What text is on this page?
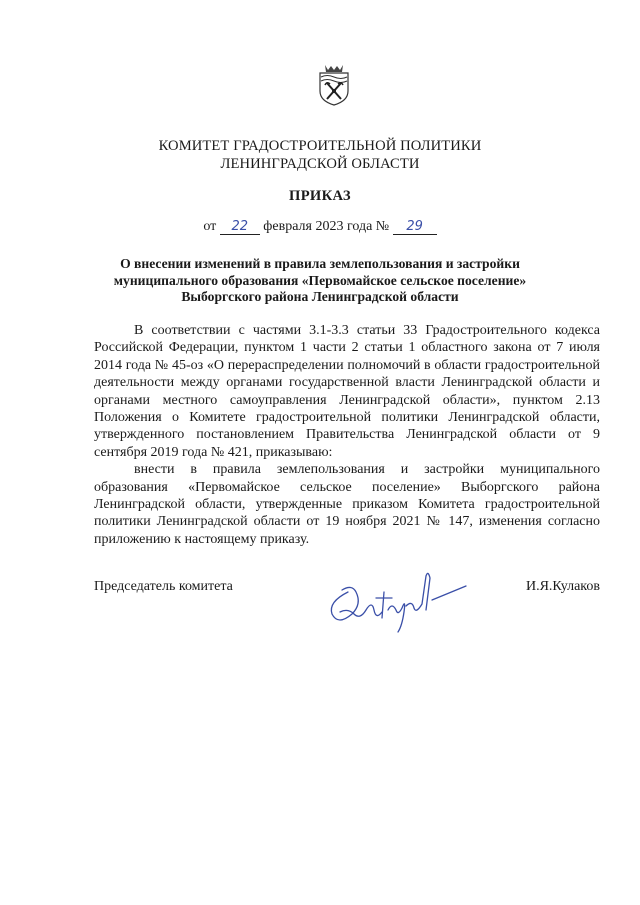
КОМИТЕТ ГРАДОСТРОИТЕЛЬНОЙ ПОЛИТИКИ
ЛЕНИНГРАДСКОЙ ОБЛАСТИ
ПРИКАЗ
от 22 февраля 2023 года № 29
О внесении изменений в правила землепользования и застройки
муниципального образования «Первомайское сельское поселение»
Выборгского района Ленинградской области

В соответствии с частями 3.1-3.3 статьи 33 Градостроительного кодекса Российской Федерации, пунктом 1 части 2 статьи 1 областного закона от 7 июля 2014 года № 45-оз «О перераспределении полномочий в области градостроительной деятельности между органами государственной власти Ленинградской области и органами местного самоуправления Ленинградской области», пунктом 2.13 Положения о Комитете градостроительной политики Ленинградской области, утвержденного постановлением Правительства Ленинградской области от 9 сентября 2019 года № 421, приказываю:

внести в правила землепользования и застройки муниципального образования «Первомайское сельское поселение» Выборгского района Ленинградской области, утвержденные приказом Комитета градостроительной политики Ленинградской области от 19 ноября 2021 № 147, изменения согласно приложению к настоящему приказу.

Председатель комитета	И.Я.Кулаков
